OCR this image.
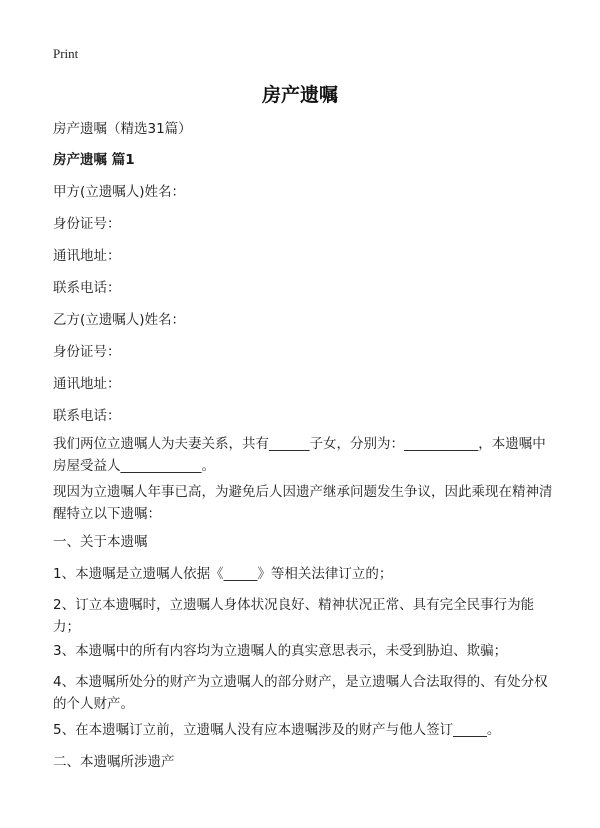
Print
房产遗嘱
房产遗嘱（精选31篇）
房产遗嘱 篇1
甲方(立遗嘱人)姓名：
身份证号：
通讯地址：
联系电话：
乙方(立遗嘱人)姓名：
身份证号：
通讯地址：
联系电话：
我们两位立遗嘱人为夫妻关系，共有______子女，分别为：___________，本遗嘱中房屋受益人____________。
现因为立遗嘱人年事已高，为避免后人因遗产继承问题发生争议，因此乘现在精神清醒特立以下遗嘱：
一、关于本遗嘱
1、本遗嘱是立遗嘱人依据《_____》等相关法律订立的；
2、订立本遗嘱时，立遗嘱人身体状况良好、精神状况正常、具有完全民事行为能力；
3、本遗嘱中的所有内容均为立遗嘱人的真实意思表示，未受到胁迫、欺骗；
4、本遗嘱所处分的财产为立遗嘱人的部分财产，是立遗嘱人合法取得的、有处分权的个人财产。
5、在本遗嘱订立前，立遗嘱人没有应本遗嘱涉及的财产与他人签订_____。
二、本遗嘱所涉遗产
